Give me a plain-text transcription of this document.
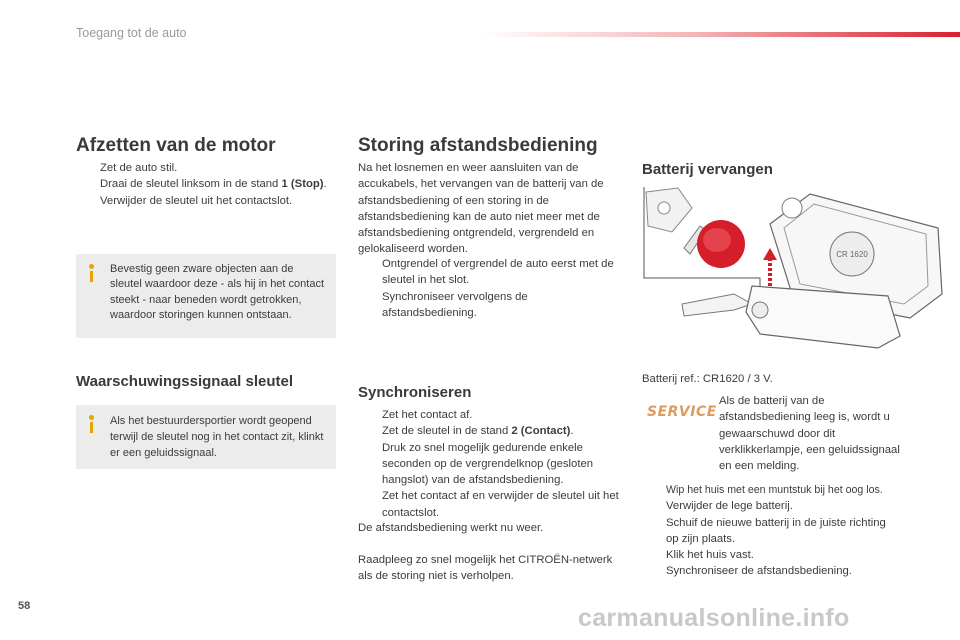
Toegang tot de auto
Afzetten van de motor
Zet de auto stil.
Draai de sleutel linksom in de stand 1 (Stop).
Verwijder de sleutel uit het contactslot.
Bevestig geen zware objecten aan de sleutel waardoor deze - als hij in het contact steekt - naar beneden wordt getrokken, waardoor storingen kunnen ontstaan.
Waarschuwingssignaal sleutel
Als het bestuurdersportier wordt geopend terwijl de sleutel nog in het contact zit, klinkt er een geluidssignaal.
Storing afstandsbediening
Na het losnemen en weer aansluiten van de accukabels, het vervangen van de batterij van de afstandsbediening of een storing in de afstandsbediening kan de auto niet meer met de afstandsbediening ontgrendeld, vergrendeld en gelokaliseerd worden.
Ontgrendel of vergrendel de auto eerst met de sleutel in het slot.
Synchroniseer vervolgens de afstandsbediening.
Synchroniseren
Zet het contact af.
Zet de sleutel in de stand 2 (Contact).
Druk zo snel mogelijk gedurende enkele seconden op de vergrendelknop (gesloten hangslot) van de afstandsbediening.
Zet het contact af en verwijder de sleutel uit het contactslot.
De afstandsbediening werkt nu weer.
Raadpleeg zo snel mogelijk het CITROËN-netwerk als de storing niet is verholpen.
Batterij vervangen
CR 1620
Batterij ref.: CR1620 / 3 V.
SERVICE
Als de batterij van de afstandsbediening leeg is, wordt u gewaarschuwd door dit verklikkerlampje, een geluidssignaal en een melding.
Wip het huis met een muntstuk bij het oog los.
Verwijder de lege batterij.
Schuif de nieuwe batterij in de juiste richting op zijn plaats.
Klik het huis vast.
Synchroniseer de afstandsbediening.
58	carmanualsonline.info
